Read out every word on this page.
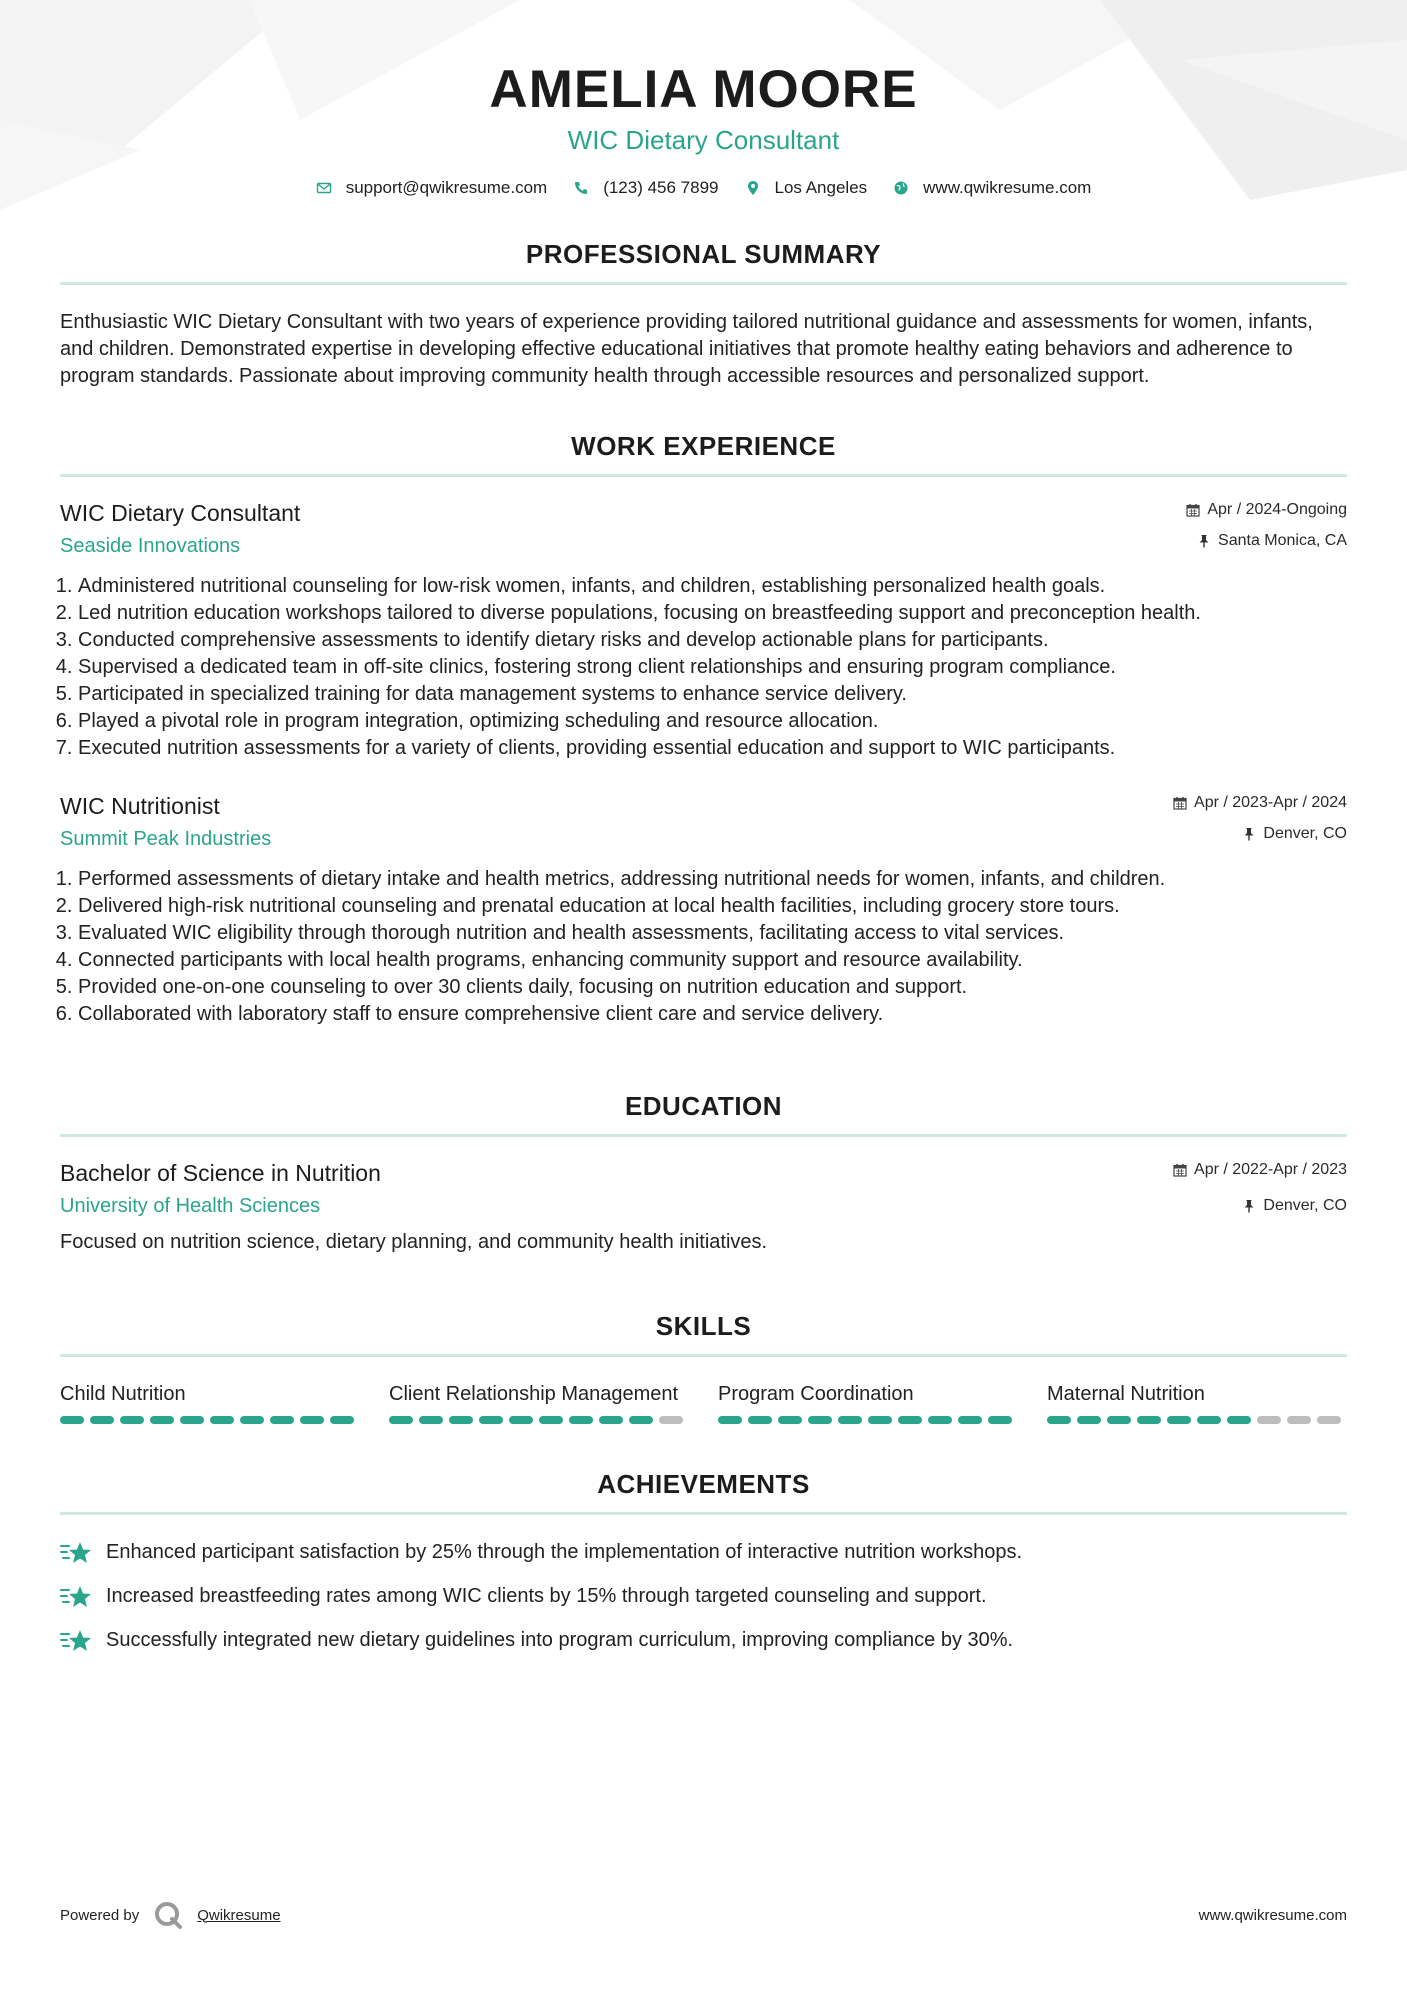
AMELIA MOORE
WIC Dietary Consultant
support@qwikresume.com	(123) 456 7899	Los Angeles	www.qwikresume.com
PROFESSIONAL SUMMARY
Enthusiastic WIC Dietary Consultant with two years of experience providing tailored nutritional guidance and assessments for women, infants, and children. Demonstrated expertise in developing effective educational initiatives that promote healthy eating behaviors and adherence to program standards. Passionate about improving community health through accessible resources and personalized support.
WORK EXPERIENCE
WIC Dietary Consultant
Seaside Innovations
Apr / 2024-Ongoing
Santa Monica, CA
1. Administered nutritional counseling for low-risk women, infants, and children, establishing personalized health goals.
2. Led nutrition education workshops tailored to diverse populations, focusing on breastfeeding support and preconception health.
3. Conducted comprehensive assessments to identify dietary risks and develop actionable plans for participants.
4. Supervised a dedicated team in off-site clinics, fostering strong client relationships and ensuring program compliance.
5. Participated in specialized training for data management systems to enhance service delivery.
6. Played a pivotal role in program integration, optimizing scheduling and resource allocation.
7. Executed nutrition assessments for a variety of clients, providing essential education and support to WIC participants.
WIC Nutritionist
Summit Peak Industries
Apr / 2023-Apr / 2024
Denver, CO
1. Performed assessments of dietary intake and health metrics, addressing nutritional needs for women, infants, and children.
2. Delivered high-risk nutritional counseling and prenatal education at local health facilities, including grocery store tours.
3. Evaluated WIC eligibility through thorough nutrition and health assessments, facilitating access to vital services.
4. Connected participants with local health programs, enhancing community support and resource availability.
5. Provided one-on-one counseling to over 30 clients daily, focusing on nutrition education and support.
6. Collaborated with laboratory staff to ensure comprehensive client care and service delivery.
EDUCATION
Bachelor of Science in Nutrition
University of Health Sciences
Apr / 2022-Apr / 2023
Denver, CO
Focused on nutrition science, dietary planning, and community health initiatives.
SKILLS
Child Nutrition	Client Relationship Management	Program Coordination	Maternal Nutrition
ACHIEVEMENTS
Enhanced participant satisfaction by 25% through the implementation of interactive nutrition workshops.
Increased breastfeeding rates among WIC clients by 15% through targeted counseling and support.
Successfully integrated new dietary guidelines into program curriculum, improving compliance by 30%.
Powered by	Qwikresume	www.qwikresume.com
